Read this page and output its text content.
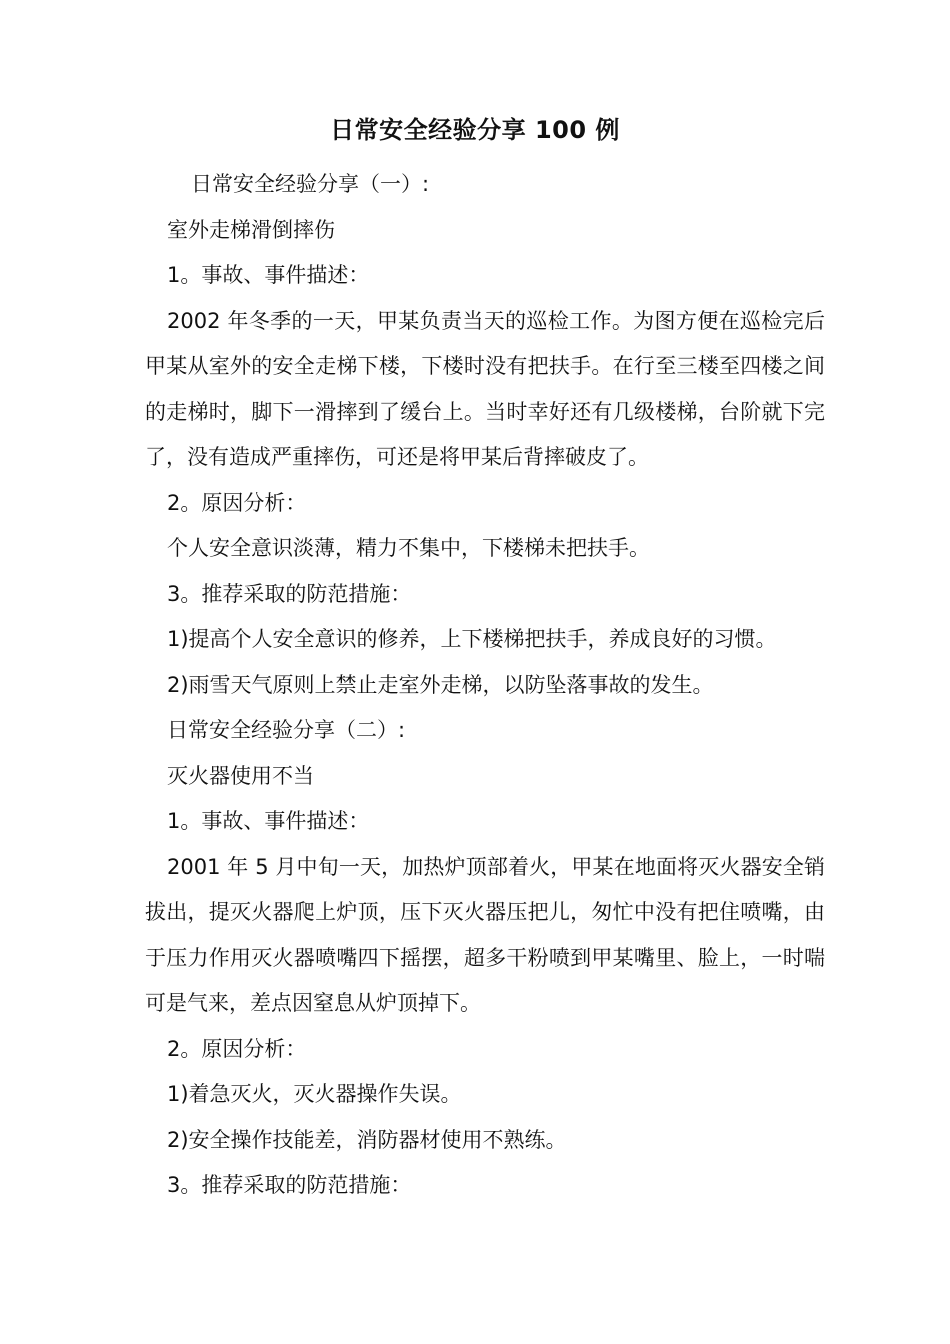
日常安全经验分享 100 例
日常安全经验分享（一）:
室外走梯滑倒摔伤
1。事故、事件描述：
2002 年冬季的一天，甲某负责当天的巡检工作。为图方便在巡检完后甲某从室外的安全走梯下楼，下楼时没有把扶手。在行至三楼至四楼之间的走梯时，脚下一滑摔到了缓台上。当时幸好还有几级楼梯，台阶就下完了，没有造成严重摔伤，可还是将甲某后背摔破皮了。
2。原因分析：
个人安全意识淡薄，精力不集中，下楼梯未把扶手。
3。推荐采取的防范措施：
1)提高个人安全意识的修养，上下楼梯把扶手，养成良好的习惯。
2)雨雪天气原则上禁止走室外走梯，以防坠落事故的发生。
日常安全经验分享（二）:
灭火器使用不当
1。事故、事件描述：
2001 年 5 月中旬一天，加热炉顶部着火，甲某在地面将灭火器安全销拔出，提灭火器爬上炉顶，压下灭火器压把儿，匆忙中没有把住喷嘴，由于压力作用灭火器喷嘴四下摇摆，超多干粉喷到甲某嘴里、脸上，一时喘可是气来，差点因窒息从炉顶掉下。
2。原因分析：
1)着急灭火，灭火器操作失误。
2)安全操作技能差，消防器材使用不熟练。
3。推荐采取的防范措施：
